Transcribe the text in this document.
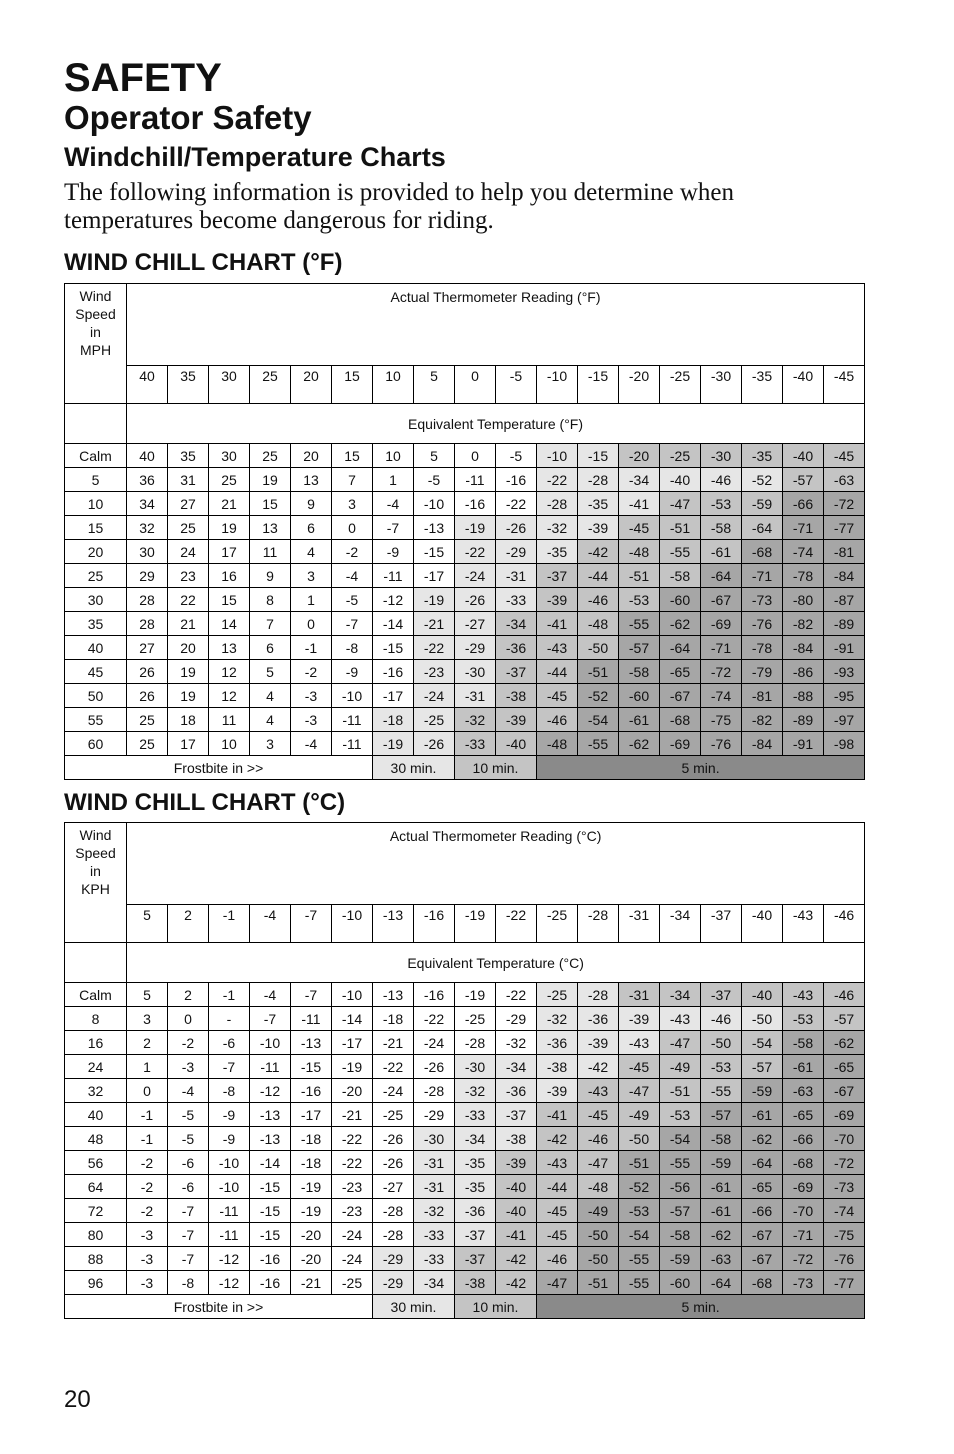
SAFETY
Operator Safety
Windchill/Temperature Charts

The following information is provided to help you determine when temperatures become dangerous for riding.

WIND CHILL CHART (°F)
Wind
Speed
in
MPH	Actual Thermometer Reading (°F)																	
	40	35	30	25	20	15	10	5	0	-5	-10	-15	-20	-25	-30	-35	-40	-45
	Equivalent Temperature (°F)																	
Calm	40	35	30	25	20	15	10	5	0	-5	-10	-15	-20	-25	-30	-35	-40	-45
5	36	31	25	19	13	7	1	-5	-11	-16	-22	-28	-34	-40	-46	-52	-57	-63
10	34	27	21	15	9	3	-4	-10	-16	-22	-28	-35	-41	-47	-53	-59	-66	-72
15	32	25	19	13	6	0	-7	-13	-19	-26	-32	-39	-45	-51	-58	-64	-71	-77
20	30	24	17	11	4	-2	-9	-15	-22	-29	-35	-42	-48	-55	-61	-68	-74	-81
25	29	23	16	9	3	-4	-11	-17	-24	-31	-37	-44	-51	-58	-64	-71	-78	-84
30	28	22	15	8	1	-5	-12	-19	-26	-33	-39	-46	-53	-60	-67	-73	-80	-87
35	28	21	14	7	0	-7	-14	-21	-27	-34	-41	-48	-55	-62	-69	-76	-82	-89
40	27	20	13	6	-1	-8	-15	-22	-29	-36	-43	-50	-57	-64	-71	-78	-84	-91
45	26	19	12	5	-2	-9	-16	-23	-30	-37	-44	-51	-58	-65	-72	-79	-86	-93
50	26	19	12	4	-3	-10	-17	-24	-31	-38	-45	-52	-60	-67	-74	-81	-88	-95
55	25	18	11	4	-3	-11	-18	-25	-32	-39	-46	-54	-61	-68	-75	-82	-89	-97
60	25	17	10	3	-4	-11	-19	-26	-33	-40	-48	-55	-62	-69	-76	-84	-91	-98
Frostbite in >>							30 min.		10 min.		5 min.							
WIND CHILL CHART (°C)
Wind
Speed
in
KPH	Actual Thermometer Reading (°C)																	
	5	2	-1	-4	-7	-10	-13	-16	-19	-22	-25	-28	-31	-34	-37	-40	-43	-46
	Equivalent Temperature (°C)																	
Calm	5	2	-1	-4	-7	-10	-13	-16	-19	-22	-25	-28	-31	-34	-37	-40	-43	-46
8	3	0	-	-7	-11	-14	-18	-22	-25	-29	-32	-36	-39	-43	-46	-50	-53	-57
16	2	-2	-6	-10	-13	-17	-21	-24	-28	-32	-36	-39	-43	-47	-50	-54	-58	-62
24	1	-3	-7	-11	-15	-19	-22	-26	-30	-34	-38	-42	-45	-49	-53	-57	-61	-65
32	0	-4	-8	-12	-16	-20	-24	-28	-32	-36	-39	-43	-47	-51	-55	-59	-63	-67
40	-1	-5	-9	-13	-17	-21	-25	-29	-33	-37	-41	-45	-49	-53	-57	-61	-65	-69
48	-1	-5	-9	-13	-18	-22	-26	-30	-34	-38	-42	-46	-50	-54	-58	-62	-66	-70
56	-2	-6	-10	-14	-18	-22	-26	-31	-35	-39	-43	-47	-51	-55	-59	-64	-68	-72
64	-2	-6	-10	-15	-19	-23	-27	-31	-35	-40	-44	-48	-52	-56	-61	-65	-69	-73
72	-2	-7	-11	-15	-19	-23	-28	-32	-36	-40	-45	-49	-53	-57	-61	-66	-70	-74
80	-3	-7	-11	-15	-20	-24	-28	-33	-37	-41	-45	-50	-54	-58	-62	-67	-71	-75
88	-3	-7	-12	-16	-20	-24	-29	-33	-37	-42	-46	-50	-55	-59	-63	-67	-72	-76
96	-3	-8	-12	-16	-21	-25	-29	-34	-38	-42	-47	-51	-55	-60	-64	-68	-73	-77
Frostbite in >>							30 min.		10 min.		5 min.							

20
